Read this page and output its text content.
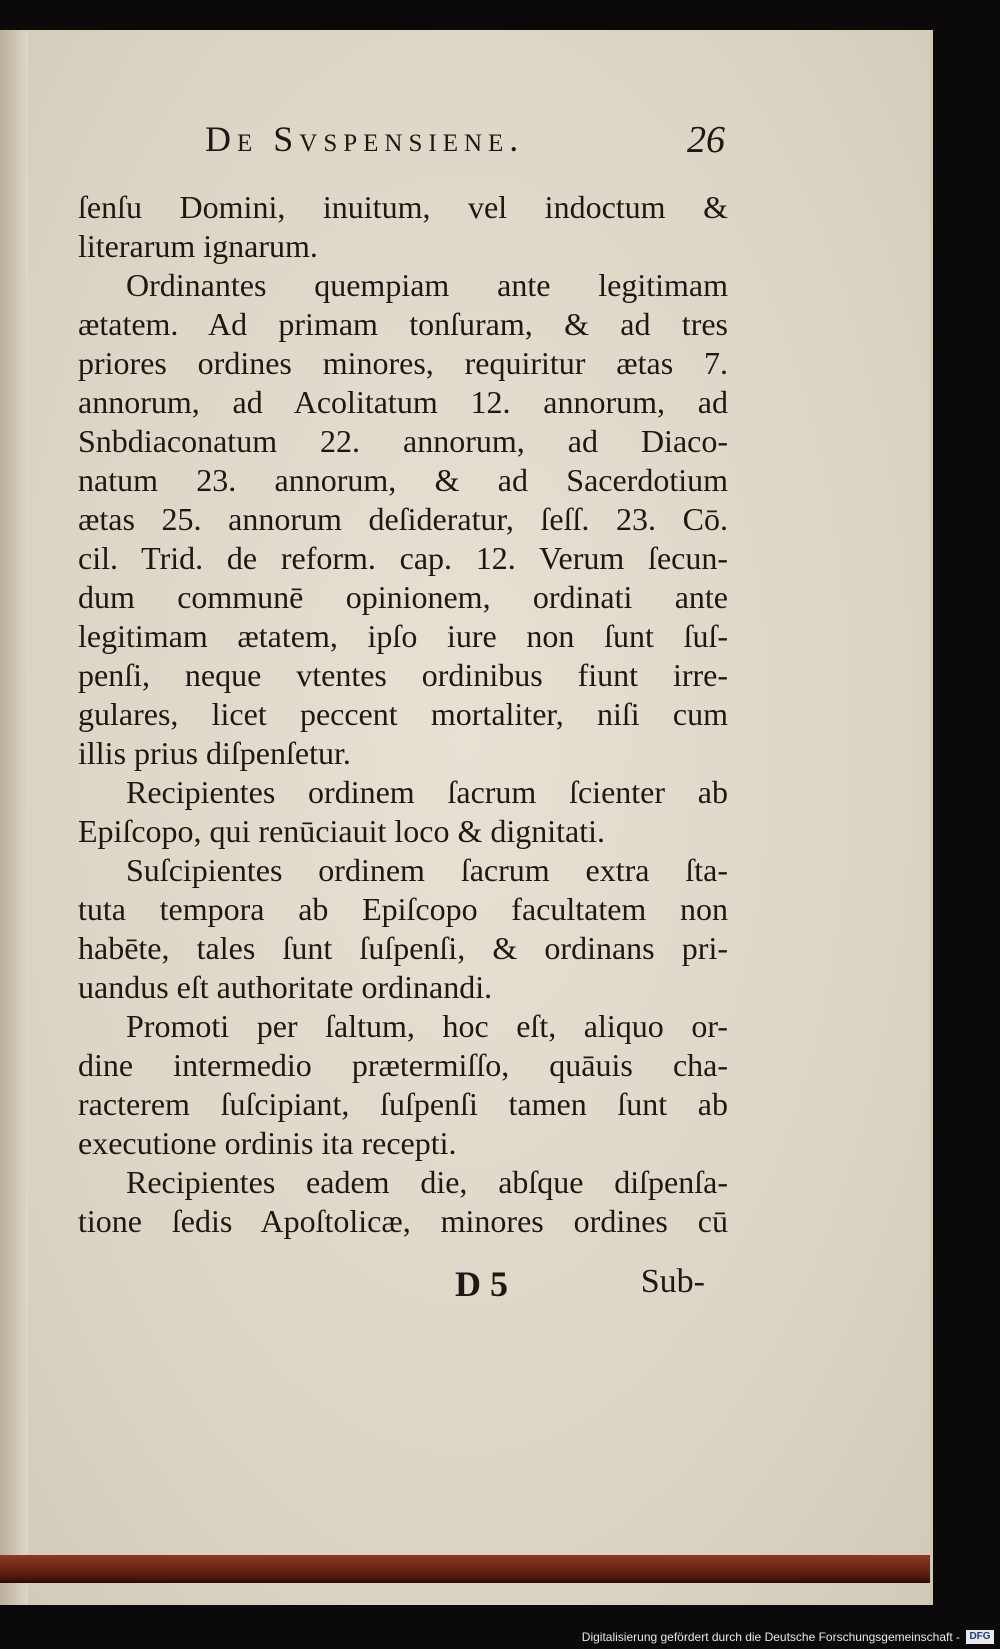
De Svspensiene.	26
ſenſu Domini, inuitum, vel indoctum &
literarum ignarum.
Ordinantes quempiam ante legitimam
ætatem. Ad primam tonſuram, & ad tres
priores ordines minores, requiritur ætas 7.
annorum, ad Acolitatum 12. annorum, ad
Snbdiaconatum 22. annorum, ad Diaco-
natum 23. annorum, & ad Sacerdotium
ætas 25. annorum deſideratur, ſeſſ. 23. Cō.
cil. Trid. de reform. cap. 12. Verum ſecun-
dum communē opinionem, ordinati ante
legitimam ætatem, ipſo iure non ſunt ſuſ-
penſi, neque vtentes ordinibus fiunt irre-
gulares, licet peccent mortaliter, niſi cum
illis prius diſpenſetur.
Recipientes ordinem ſacrum ſcienter ab
Epiſcopo, qui renūciauit loco & dignitati.
Suſcipientes ordinem ſacrum extra ſta-
tuta tempora ab Epiſcopo facultatem non
habēte, tales ſunt ſuſpenſi, & ordinans pri-
uandus eſt authoritate ordinandi.
Promoti per ſaltum, hoc eſt, aliquo or-
dine intermedio prætermiſſo, quāuis cha-
racterem ſuſcipiant, ſuſpenſi tamen ſunt ab
executione ordinis ita recepti.
Recipientes eadem die, abſque diſpenſa-
tione ſedis Apoſtolicæ, minores ordines cū
D 5	Sub-
Digitalisierung gefördert durch die Deutsche Forschungsgemeinschaft - DFG
